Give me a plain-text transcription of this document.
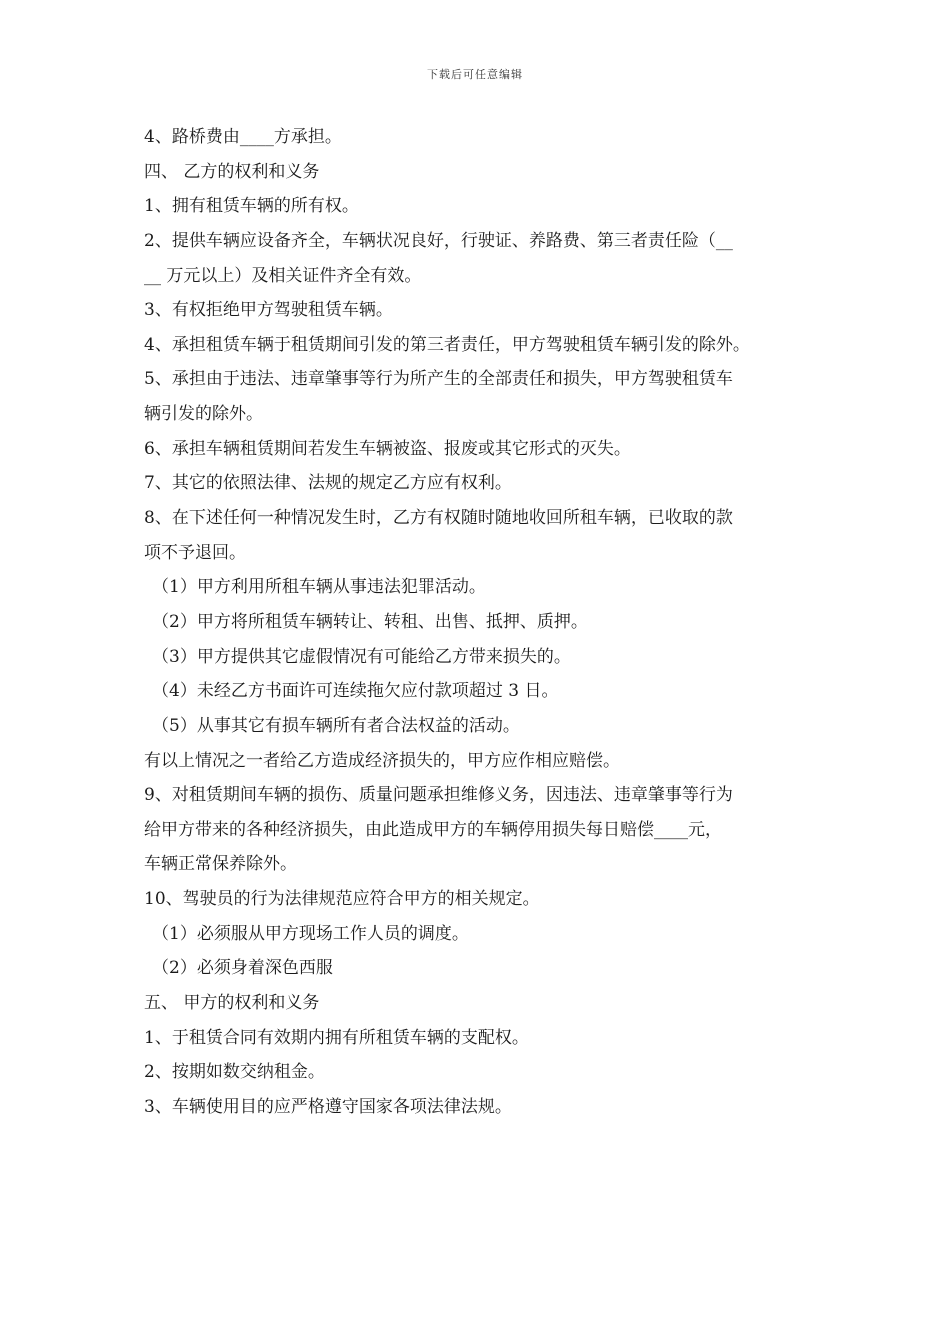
下载后可任意编辑
4、路桥费由____方承担。
四、 乙方的权利和义务
1、拥有租赁车辆的所有权。
2、提供车辆应设备齐全，车辆状况良好，行驶证、养路费、第三者责任险（__
__ 万元以上）及相关证件齐全有效。
3、有权拒绝甲方驾驶租赁车辆。
4、承担租赁车辆于租赁期间引发的第三者责任，甲方驾驶租赁车辆引发的除外。
5、承担由于违法、违章肇事等行为所产生的全部责任和损失，甲方驾驶租赁车
辆引发的除外。
6、承担车辆租赁期间若发生车辆被盗、报废或其它形式的灭失。
7、其它的依照法律、法规的规定乙方应有权利。
8、在下述任何一种情况发生时，乙方有权随时随地收回所租车辆，已收取的款
项不予退回。
（1）甲方利用所租车辆从事违法犯罪活动。
（2）甲方将所租赁车辆转让、转租、出售、抵押、质押。
（3）甲方提供其它虚假情况有可能给乙方带来损失的。
（4）未经乙方书面许可连续拖欠应付款项超过 3 日。
（5）从事其它有损车辆所有者合法权益的活动。
有以上情况之一者给乙方造成经济损失的，甲方应作相应赔偿。
9、对租赁期间车辆的损伤、质量问题承担维修义务，因违法、违章肇事等行为
给甲方带来的各种经济损失，由此造成甲方的车辆停用损失每日赔偿____元，
车辆正常保养除外。
10、驾驶员的行为法律规范应符合甲方的相关规定。
（1）必须服从甲方现场工作人员的调度。
（2）必须身着深色西服
五、 甲方的权利和义务
1、于租赁合同有效期内拥有所租赁车辆的支配权。
2、按期如数交纳租金。
3、车辆使用目的应严格遵守国家各项法律法规。
